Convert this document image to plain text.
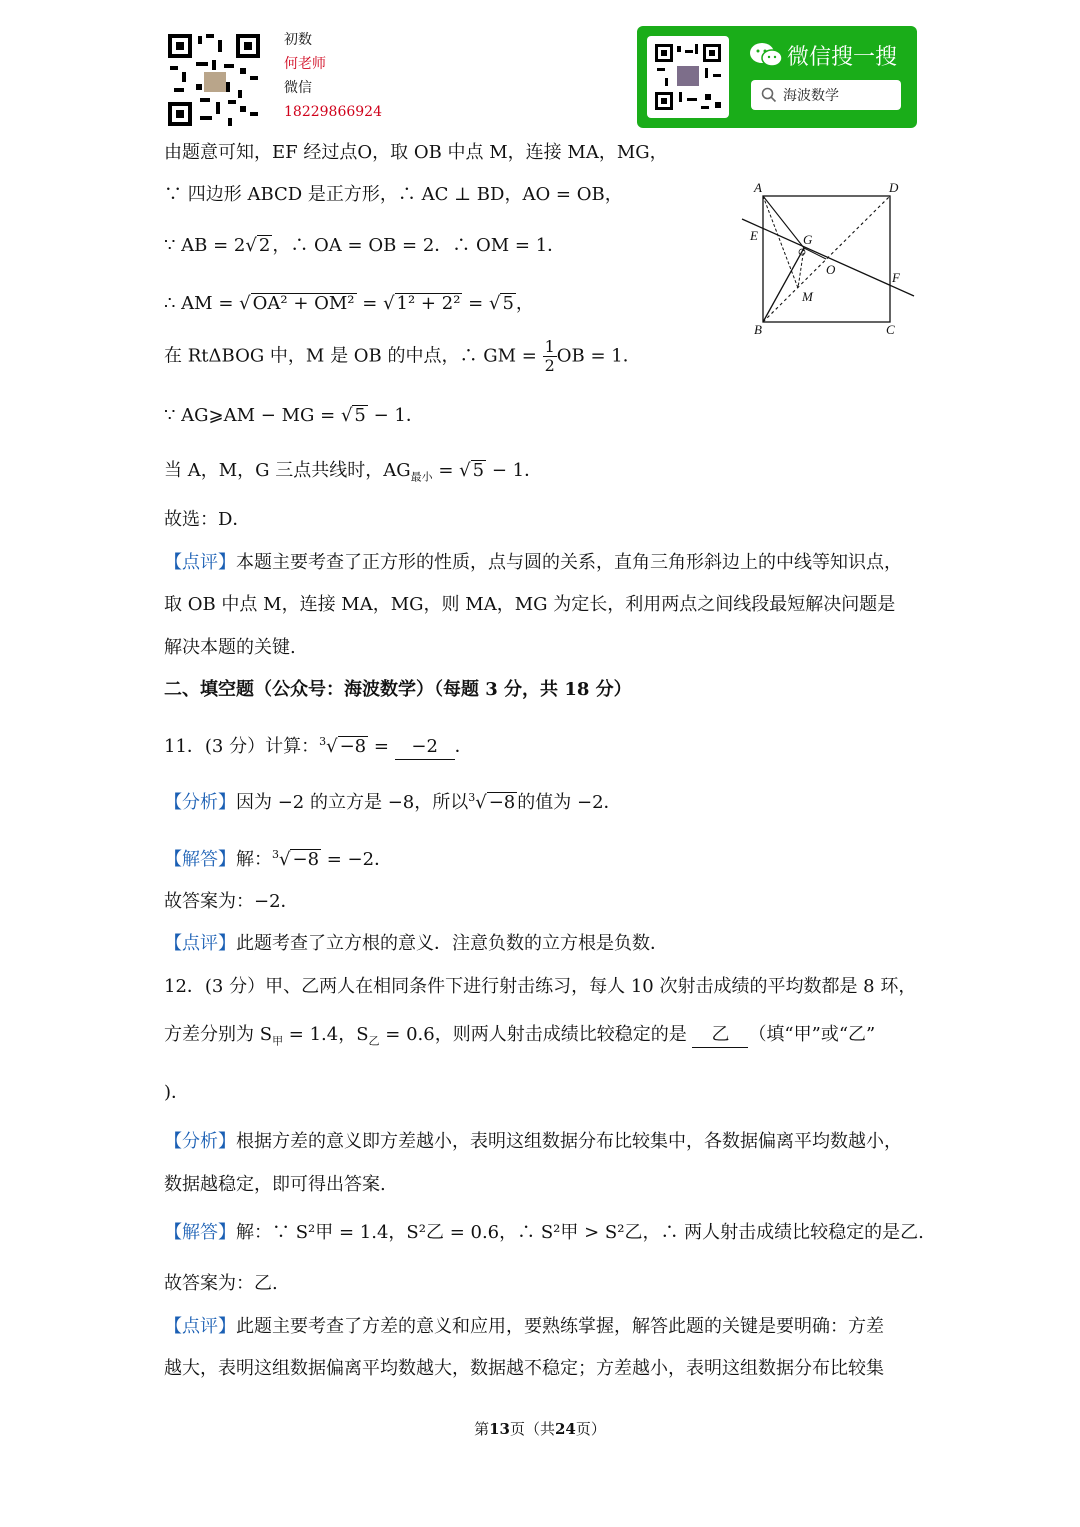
初数
何老师
微信
18229866924
微信搜一搜
海波数学
A	D
E	G
O
F
M
B	C
由题意可知，EF 经过点O，取 OB 中点 M，连接 MA，MG，
∵ 四边形 ABCD 是正方形，∴ AC ⊥ BD，AO = OB，
∵ AB = 2√ 2 ，∴ OA = OB = 2．∴ OM = 1．
∴ AM = √ OA² + OM² = √ 1² + 2² = √ 5 ，
在 RtΔBOG 中，M 是 OB 的中点，∴ GM = $\frac{1}{2}$ OB = 1．
∵ AG⩾AM − MG = √ 5 − 1．
当 A，M，G 三点共线时，$AG_{最小}$ = √ 5 − 1．
故选：D．
【点评】本题主要考查了正方形的性质，点与圆的关系，直角三角形斜边上的中线等知识点，
取 OB 中点 M，连接 MA，MG，则 MA，MG 为定长，利用两点之间线段最短解决问题是
解决本题的关键.
二、填空题（公众号：海波数学）（每题 3 分，共 18 分）
11．(3 分）计算：$^3$√ −8 = −2 ．
【分析】因为 −2 的立方是 −8，所以$^3$√ −8 的值为 −2．
【解答】解：$^3$√ −8 = −2．
故答案为：−2．
【点评】此题考查了立方根的意义．注意负数的立方根是负数．
12．(3 分）甲、乙两人在相同条件下进行射击练习，每人 10 次射击成绩的平均数都是 8 环，
方差分别为 $S_甲 = 1.4$，$S_乙 = 0.6$，则两人射击成绩比较稳定的是 乙 （填“甲”或“乙”
)．
【分析】根据方差的意义即方差越小，表明这组数据分布比较集中，各数据偏离平均数越小，
数据越稳定，即可得出答案.
【解答】解：∵ S²甲 = 1.4，S²乙 = 0.6，∴ S²甲 > S²乙，∴ 两人射击成绩比较稳定的是乙.
故答案为：乙.
【点评】此题主要考查了方差的意义和应用，要熟练掌握，解答此题的关键是要明确：方差
越大，表明这组数据偏离平均数越大，数据越不稳定；方差越小，表明这组数据分布比较集
第13页（共24页）
